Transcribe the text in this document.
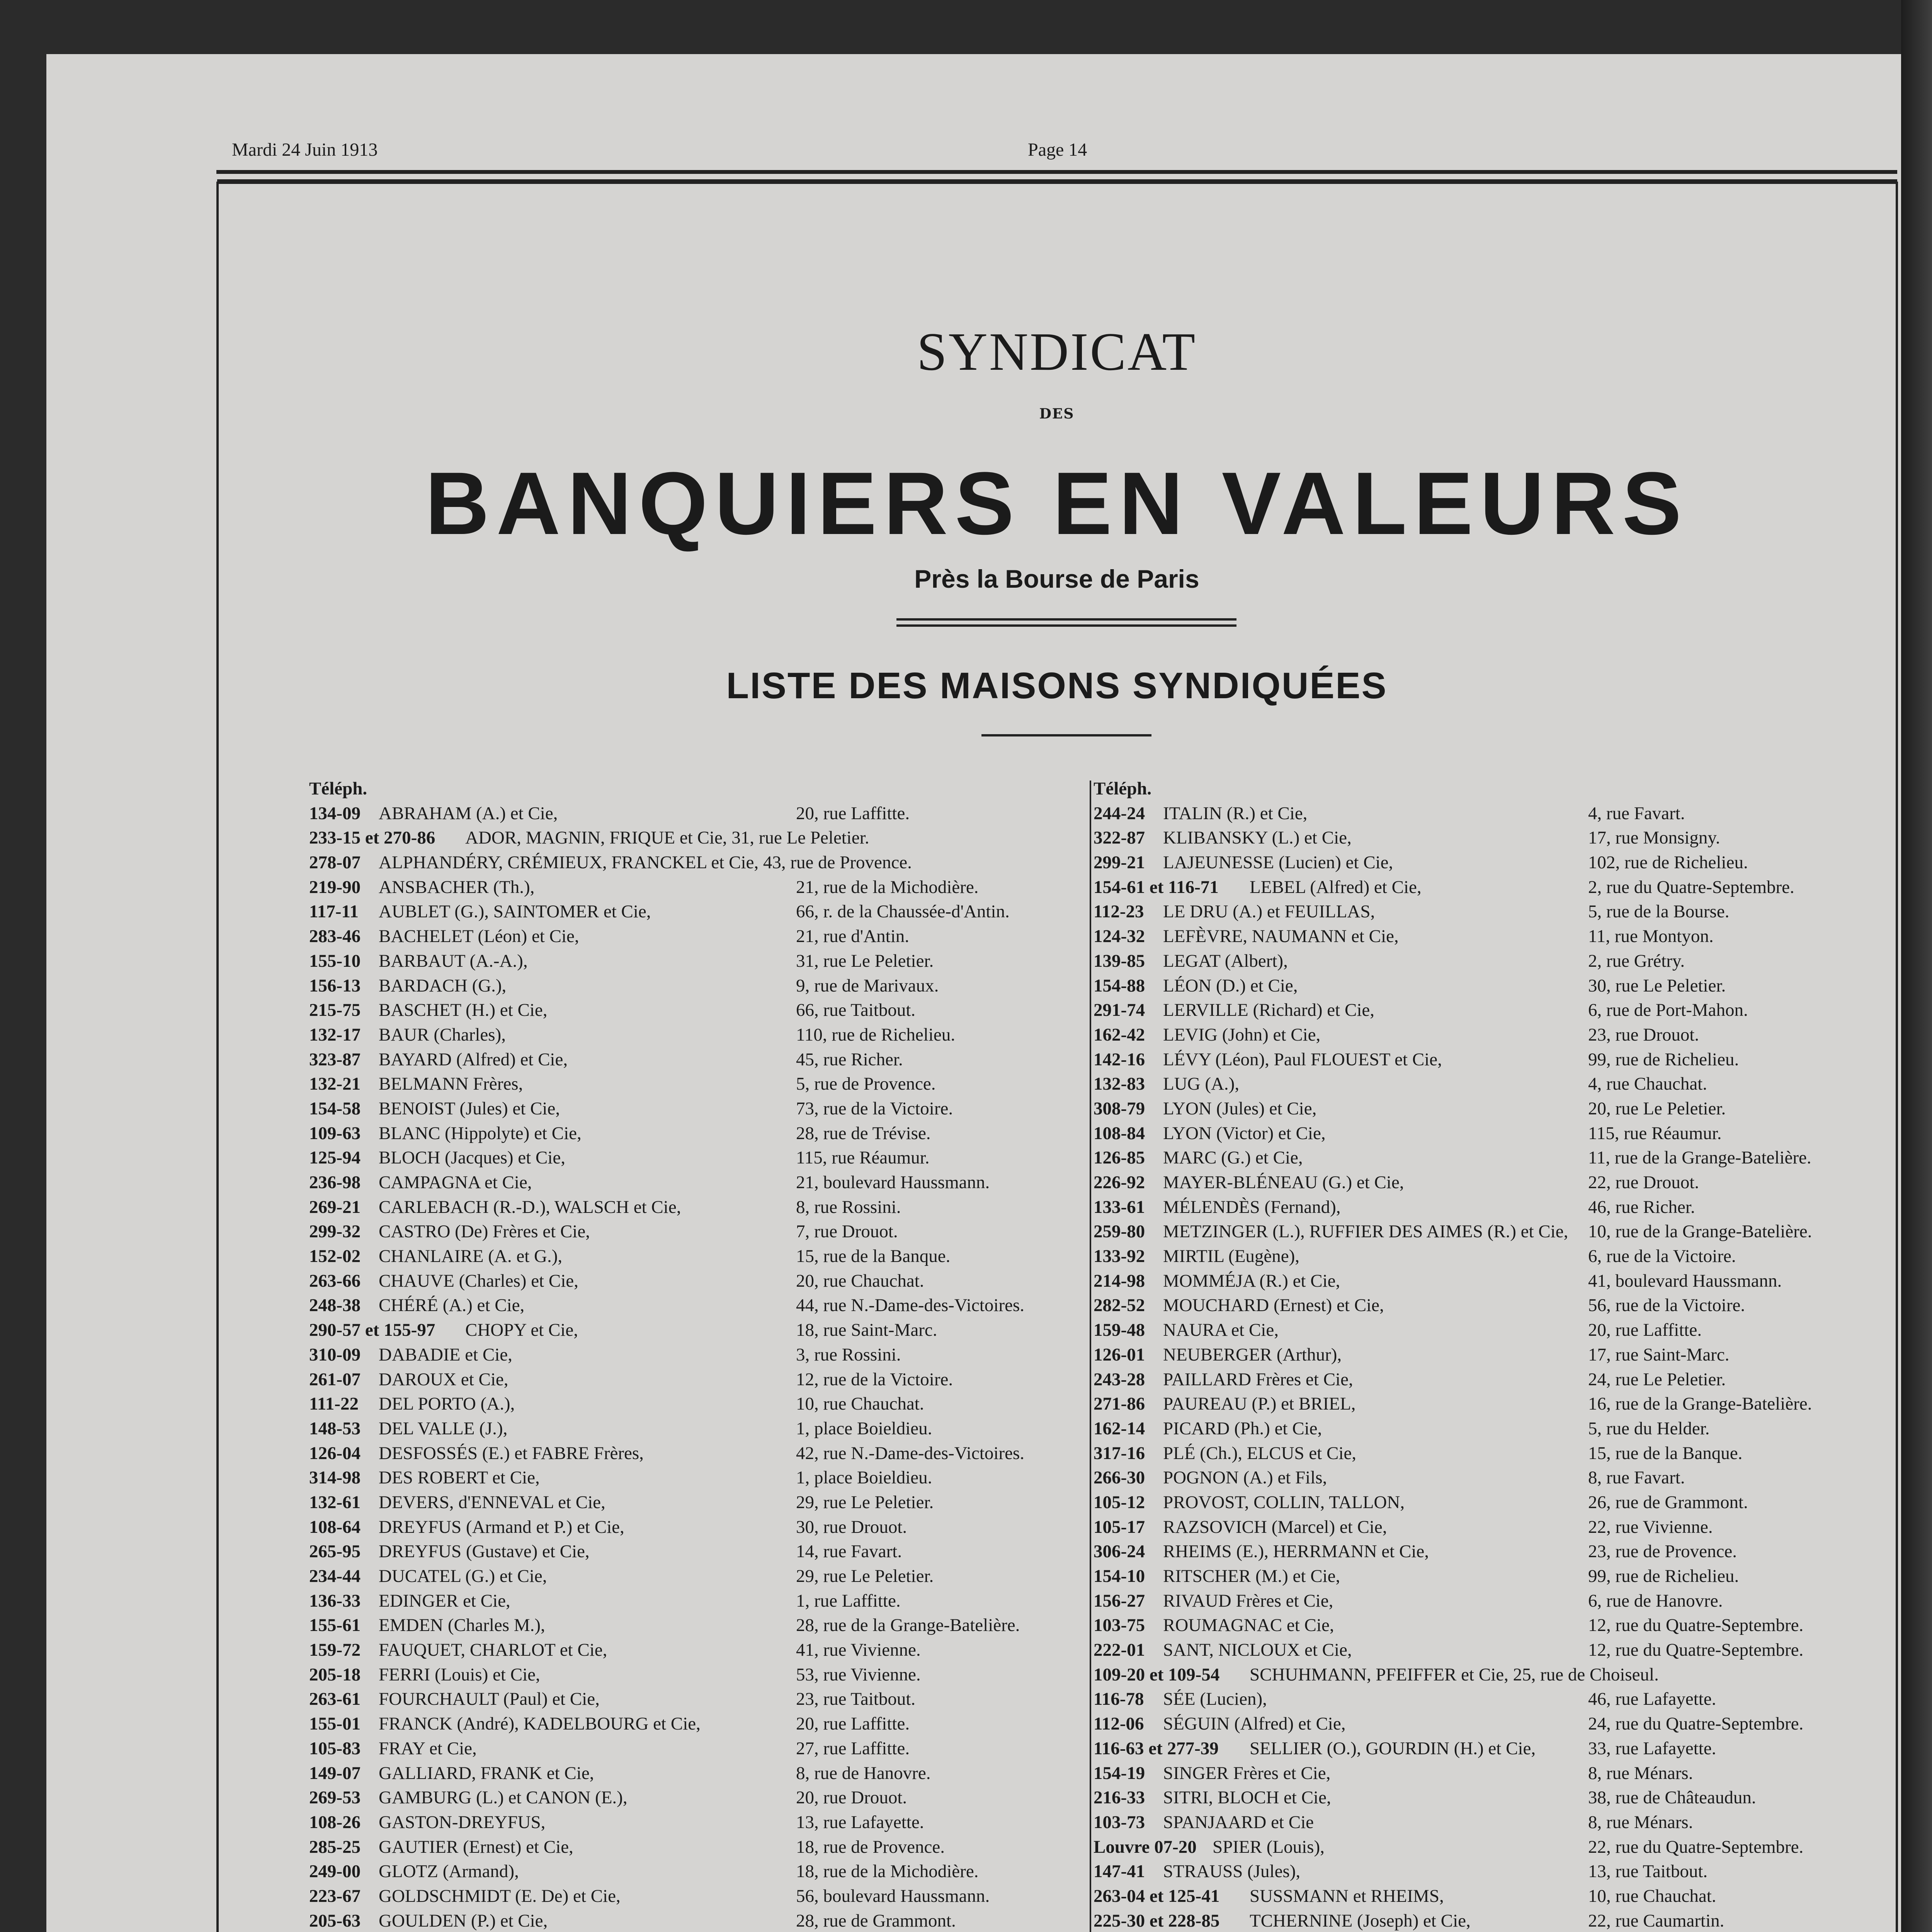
Mardi 24 Juin 1913	Page 14
SYNDICAT
DES
BANQUIERS EN VALEURS
Près la Bourse de Paris
LISTE DES MAISONS SYNDIQUÉES
Téléph.
134-09 ABRAHAM (A.) et Cie,	20, rue Laffitte.
233-15 et 270-86 ADOR, MAGNIN, FRIQUE et Cie, 31, rue Le Peletier.
278-07 ALPHANDÉRY, CRÉMIEUX, FRANCKEL et Cie, 43, rue de Provence.
219-90 ANSBACHER (Th.),	21, rue de la Michodière.
117-11 AUBLET (G.), SAINTOMER et Cie,	66, r. de la Chaussée-d'Antin.
283-46 BACHELET (Léon) et Cie,	21, rue d'Antin.
155-10 BARBAUT (A.-A.),	31, rue Le Peletier.
156-13 BARDACH (G.),	9, rue de Marivaux.
215-75 BASCHET (H.) et Cie,	66, rue Taitbout.
132-17 BAUR (Charles),	110, rue de Richelieu.
323-87 BAYARD (Alfred) et Cie,	45, rue Richer.
132-21 BELMANN Frères,	5, rue de Provence.
154-58 BENOIST (Jules) et Cie,	73, rue de la Victoire.
109-63 BLANC (Hippolyte) et Cie,	28, rue de Trévise.
125-94 BLOCH (Jacques) et Cie,	115, rue Réaumur.
236-98 CAMPAGNA et Cie,	21, boulevard Haussmann.
269-21 CARLEBACH (R.-D.), WALSCH et Cie,	8, rue Rossini.
299-32 CASTRO (De) Frères et Cie,	7, rue Drouot.
152-02 CHANLAIRE (A. et G.),	15, rue de la Banque.
263-66 CHAUVE (Charles) et Cie,	20, rue Chauchat.
248-38 CHÉRÉ (A.) et Cie,	44, rue N.-Dame-des-Victoires.
290-57 et 155-97 CHOPY et Cie,	18, rue Saint-Marc.
310-09 DABADIE et Cie,	3, rue Rossini.
261-07 DAROUX et Cie,	12, rue de la Victoire.
111-22 DEL PORTO (A.),	10, rue Chauchat.
148-53 DEL VALLE (J.),	1, place Boieldieu.
126-04 DESFOSSÉS (E.) et FABRE Frères,	42, rue N.-Dame-des-Victoires.
314-98 DES ROBERT et Cie,	1, place Boieldieu.
132-61 DEVERS, d'ENNEVAL et Cie,	29, rue Le Peletier.
108-64 DREYFUS (Armand et P.) et Cie,	30, rue Drouot.
265-95 DREYFUS (Gustave) et Cie,	14, rue Favart.
234-44 DUCATEL (G.) et Cie,	29, rue Le Peletier.
136-33 EDINGER et Cie,	1, rue Laffitte.
155-61 EMDEN (Charles M.),	28, rue de la Grange-Batelière.
159-72 FAUQUET, CHARLOT et Cie,	41, rue Vivienne.
205-18 FERRI (Louis) et Cie,	53, rue Vivienne.
263-61 FOURCHAULT (Paul) et Cie,	23, rue Taitbout.
155-01 FRANCK (André), KADELBOURG et Cie,	20, rue Laffitte.
105-83 FRAY et Cie,	27, rue Laffitte.
149-07 GALLIARD, FRANK et Cie,	8, rue de Hanovre.
269-53 GAMBURG (L.) et CANON (E.),	20, rue Drouot.
108-26 GASTON-DREYFUS,	13, rue Lafayette.
285-25 GAUTIER (Ernest) et Cie,	18, rue de Provence.
249-00 GLOTZ (Armand),	18, rue de la Michodière.
223-67 GOLDSCHMIDT (E. De) et Cie,	56, boulevard Haussmann.
205-63 GOULDEN (P.) et Cie,	28, rue de Grammont.
Téléph.
244-24 ITALIN (R.) et Cie,	4, rue Favart.
322-87 KLIBANSKY (L.) et Cie,	17, rue Monsigny.
299-21 LAJEUNESSE (Lucien) et Cie,	102, rue de Richelieu.
154-61 et 116-71 LEBEL (Alfred) et Cie,	2, rue du Quatre-Septembre.
112-23 LE DRU (A.) et FEUILLAS,	5, rue de la Bourse.
124-32 LEFÈVRE, NAUMANN et Cie,	11, rue Montyon.
139-85 LEGAT (Albert),	2, rue Grétry.
154-88 LÉON (D.) et Cie,	30, rue Le Peletier.
291-74 LERVILLE (Richard) et Cie,	6, rue de Port-Mahon.
162-42 LEVIG (John) et Cie,	23, rue Drouot.
142-16 LÉVY (Léon), Paul FLOUEST et Cie,	99, rue de Richelieu.
132-83 LUG (A.),	4, rue Chauchat.
308-79 LYON (Jules) et Cie,	20, rue Le Peletier.
108-84 LYON (Victor) et Cie,	115, rue Réaumur.
126-85 MARC (G.) et Cie,	11, rue de la Grange-Batelière.
226-92 MAYER-BLÉNEAU (G.) et Cie,	22, rue Drouot.
133-61 MÉLENDÈS (Fernand),	46, rue Richer.
259-80 METZINGER (L.), RUFFIER DES AIMES (R.) et Cie, 10, rue de la Grange-Batelière.
133-92 MIRTIL (Eugène),	6, rue de la Victoire.
214-98 MOMMÉJA (R.) et Cie,	41, boulevard Haussmann.
282-52 MOUCHARD (Ernest) et Cie,	56, rue de la Victoire.
159-48 NAURA et Cie,	20, rue Laffitte.
126-01 NEUBERGER (Arthur),	17, rue Saint-Marc.
243-28 PAILLARD Frères et Cie,	24, rue Le Peletier.
271-86 PAUREAU (P.) et BRIEL,	16, rue de la Grange-Batelière.
162-14 PICARD (Ph.) et Cie,	5, rue du Helder.
317-16 PLÉ (Ch.), ELCUS et Cie,	15, rue de la Banque.
266-30 POGNON (A.) et Fils,	8, rue Favart.
105-12 PROVOST, COLLIN, TALLON,	26, rue de Grammont.
105-17 RAZSOVICH (Marcel) et Cie,	22, rue Vivienne.
306-24 RHEIMS (E.), HERRMANN et Cie,	23, rue de Provence.
154-10 RITSCHER (M.) et Cie,	99, rue de Richelieu.
156-27 RIVAUD Frères et Cie,	6, rue de Hanovre.
103-75 ROUMAGNAC et Cie,	12, rue du Quatre-Septembre.
222-01 SANT, NICLOUX et Cie,	12, rue du Quatre-Septembre.
109-20 et 109-54 SCHUHMANN, PFEIFFER et Cie, 25, rue de Choiseul.
116-78 SÉE (Lucien),	46, rue Lafayette.
112-06 SÉGUIN (Alfred) et Cie,	24, rue du Quatre-Septembre.
116-63 et 277-39 SELLIER (O.), GOURDIN (H.) et Cie,	33, rue Lafayette.
154-19 SINGER Frères et Cie,	8, rue Ménars.
216-33 SITRI, BLOCH et Cie,	38, rue de Châteaudun.
103-73 SPANJAARD et Cie	8, rue Ménars.
Louvre 07-20 SPIER (Louis),	22, rue du Quatre-Septembre.
147-41 STRAUSS (Jules),	13, rue Taitbout.
263-04 et 125-41 SUSSMANN et RHEIMS,	10, rue Chauchat.
225-30 et 228-85 TCHERNINE (Joseph) et Cie,	22, rue Caumartin.
